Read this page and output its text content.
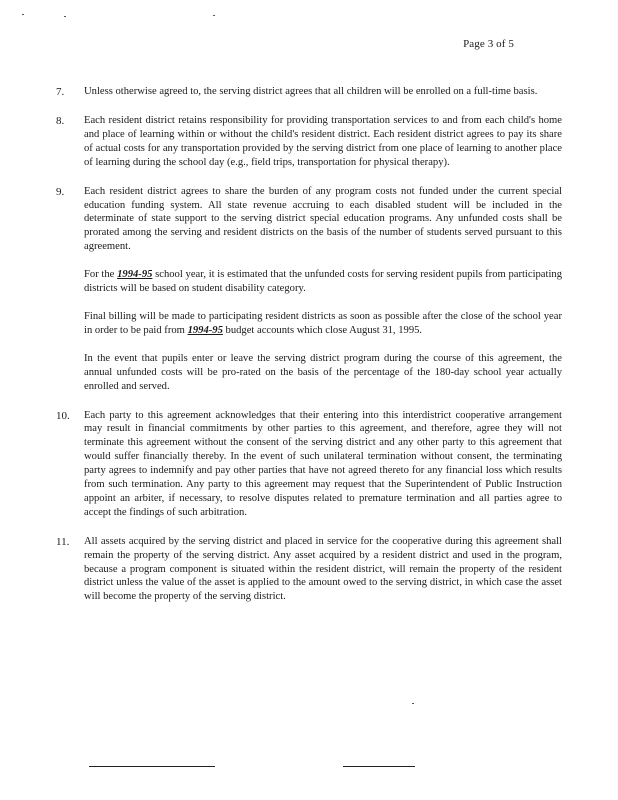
Page 3 of 5
7.	Unless otherwise agreed to, the serving district agrees that all children will be enrolled on a full-time basis.

8.	Each resident district retains responsibility for providing transportation services to and from each child's home and place of learning within or without the child's resident district. Each resident district agrees to pay its share of actual costs for any transportation provided by the serving district from one place of learning to another place of learning during the school day (e.g., field trips, transportation for physical therapy).

9.	Each resident district agrees to share the burden of any program costs not funded under the current special education funding system. All state revenue accruing to each disabled student will be included in the determinate of state support to the serving district special education programs. Any unfunded costs shall be prorated among the serving and resident districts on the basis of the number of students served pursuant to this agreement.

For the 1994-95 school year, it is estimated that the unfunded costs for serving resident pupils from participating districts will be based on student disability category.

Final billing will be made to participating resident districts as soon as possible after the close of the school year in order to be paid from 1994-95 budget accounts which close August 31, 1995.

In the event that pupils enter or leave the serving district program during the course of this agreement, the annual unfunded costs will be pro-rated on the basis of the percentage of the 180-day school year actually enrolled and served.

10.	Each party to this agreement acknowledges that their entering into this interdistrict cooperative arrangement may result in financial commitments by other parties to this agreement, and therefore, agree they will not terminate this agreement without the consent of the serving district and any other party to this agreement that would suffer financially thereby. In the event of such unilateral termination without consent, the terminating party agrees to indemnify and pay other parties that have not agreed thereto for any financial loss which results from such termination. Any party to this agreement may request that the Superintendent of Public Instruction appoint an arbiter, if necessary, to resolve disputes related to premature termination and all parties agree to accept the findings of such arbitration.

11.	All assets acquired by the serving district and placed in service for the cooperative during this agreement shall remain the property of the serving district. Any asset acquired by a resident district and used in the program, because a program component is situated within the resident district, will remain the property of the resident district unless the value of the asset is applied to the amount owed to the serving district, in which case the asset will become the property of the serving district.
